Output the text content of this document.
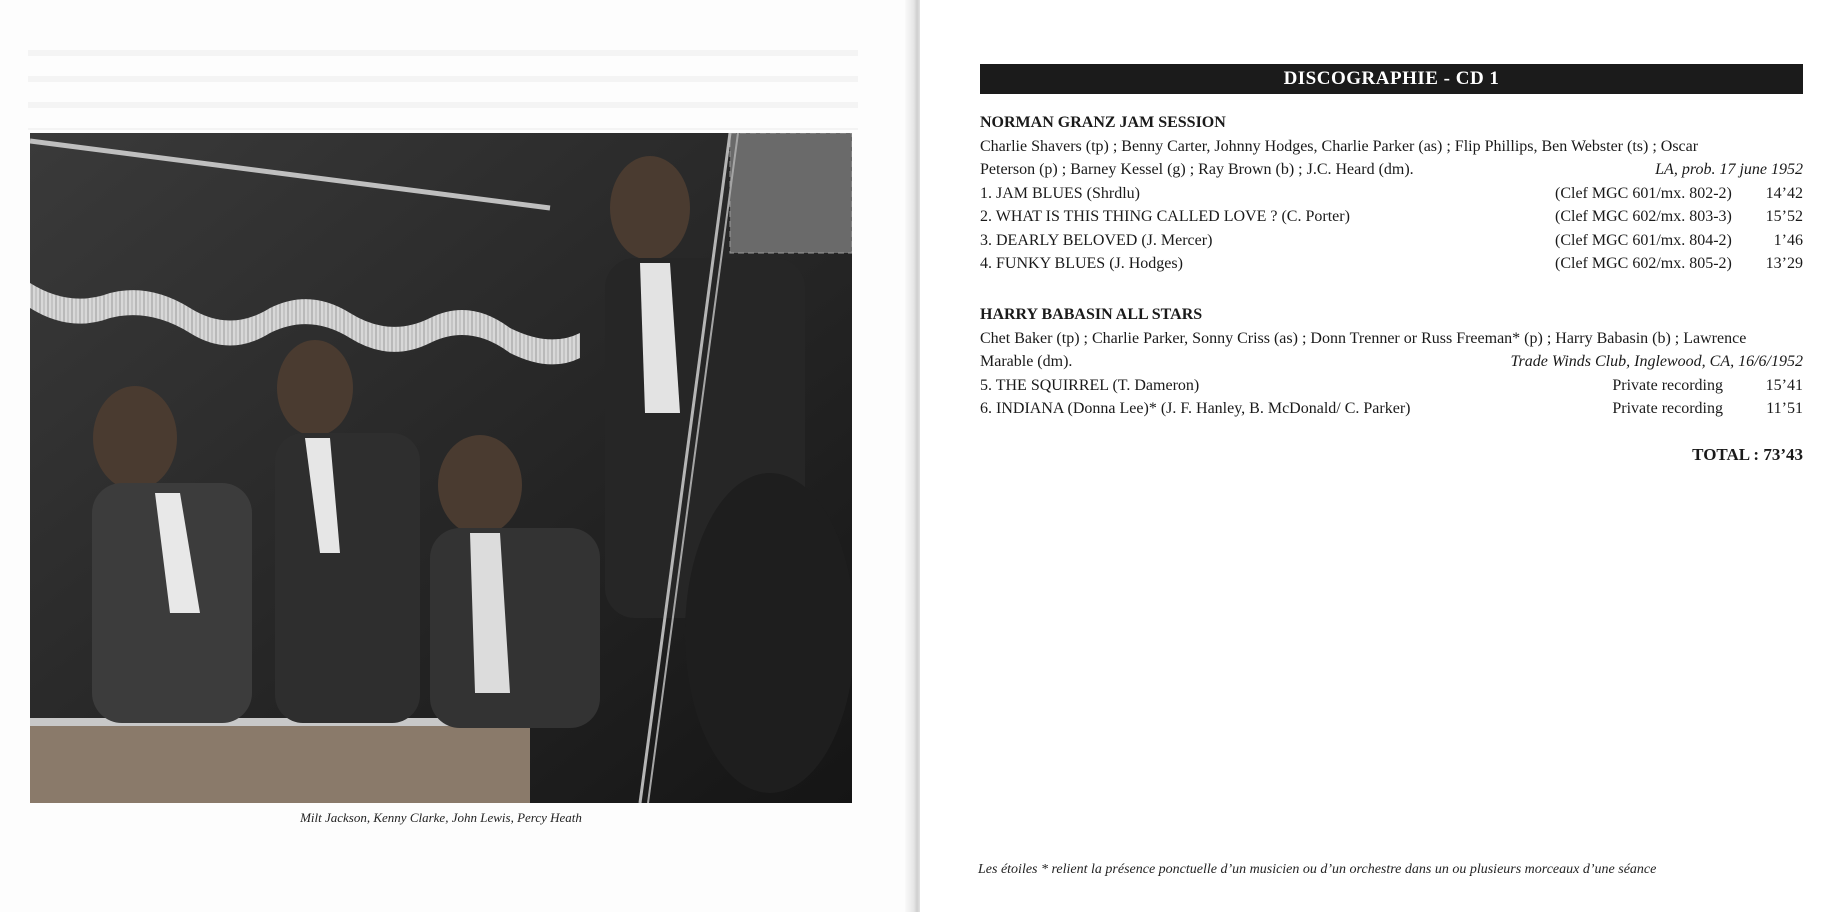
Milt Jackson, Kenny Clarke, John Lewis, Percy Heath
DISCOGRAPHIE - CD 1
NORMAN GRANZ JAM SESSION
Charlie Shavers (tp) ; Benny Carter, Johnny Hodges, Charlie Parker (as) ; Flip Phillips, Ben Webster (ts) ; Oscar
Peterson (p) ; Barney Kessel (g) ; Ray Brown (b) ; J.C. Heard (dm).	LA, prob. 17 june 1952
1. JAM BLUES (Shrdlu)	(Clef MGC 601/mx. 802-2)	14’42
2. WHAT IS THIS THING CALLED LOVE ? (C. Porter)	(Clef MGC 602/mx. 803-3)	15’52
3. DEARLY BELOVED (J. Mercer)	(Clef MGC 601/mx. 804-2)	1’46
4. FUNKY BLUES (J. Hodges)	(Clef MGC 602/mx. 805-2)	13’29
HARRY BABASIN ALL STARS
Chet Baker (tp) ; Charlie Parker, Sonny Criss (as) ; Donn Trenner or Russ Freeman* (p) ; Harry Babasin (b) ; Lawrence
Marable (dm).	Trade Winds Club, Inglewood, CA, 16/6/1952
5. THE SQUIRREL (T. Dameron)	Private recording	15’41
6. INDIANA (Donna Lee)* (J. F. Hanley, B. McDonald/ C. Parker)	Private recording	11’51
TOTAL : 73’43
Les étoiles * relient la présence ponctuelle d’un musicien ou d’un orchestre dans un ou plusieurs morceaux d’une séance
